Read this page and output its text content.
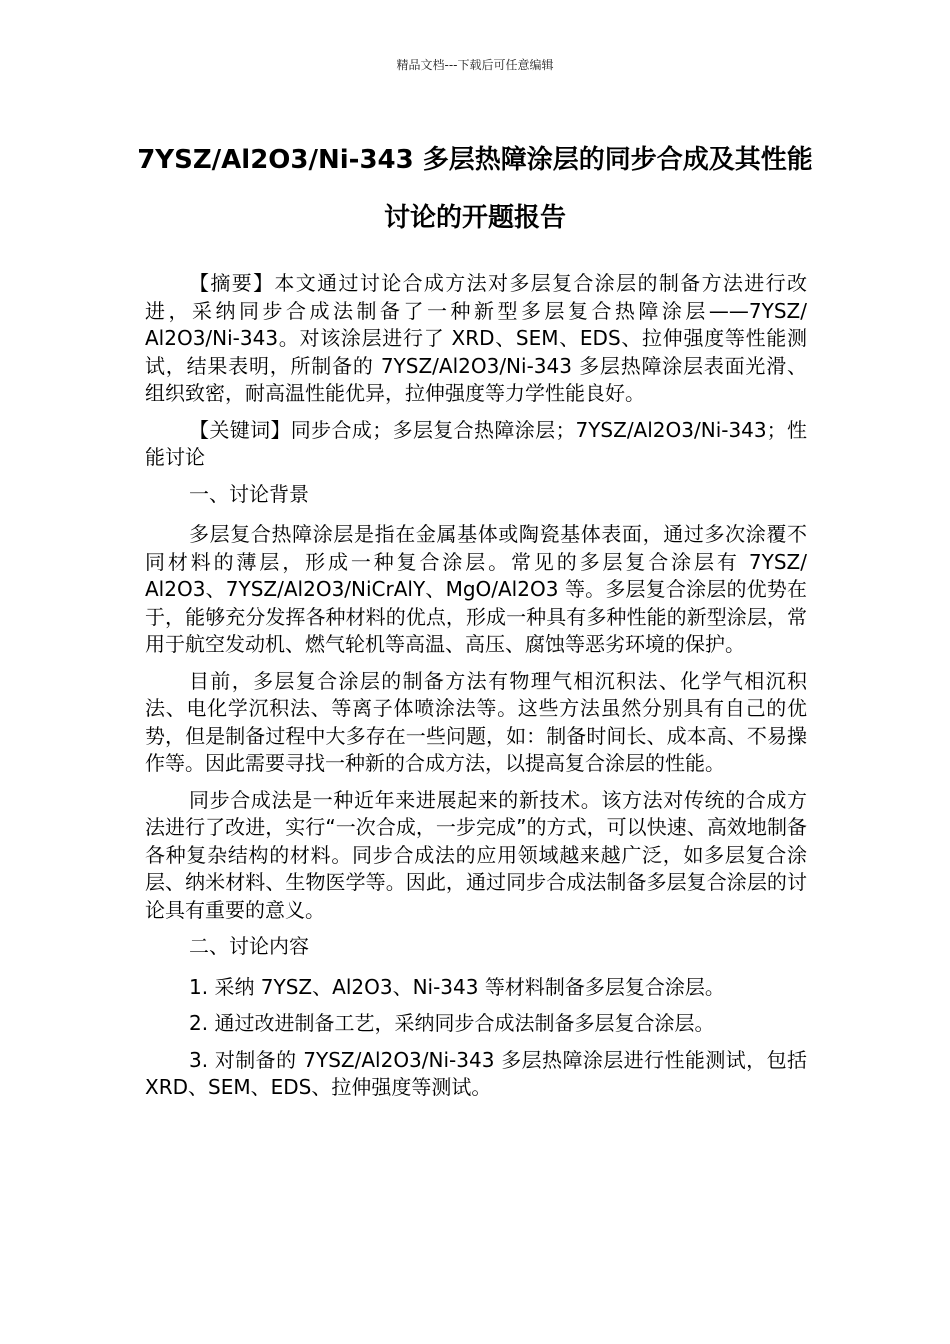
精品文档---下载后可任意编辑
7YSZ/Al2O3/Ni-343 多层热障涂层的同步合成及其性能讨论的开题报告

【摘要】本文通过讨论合成方法对多层复合涂层的制备方法进行改进，采纳同步合成法制备了一种新型多层复合热障涂层——7YSZ/ Al2O3/Ni-343。对该涂层进行了 XRD、SEM、EDS、拉伸强度等性能测试，结果表明，所制备的 7YSZ/Al2O3/Ni-343 多层热障涂层表面光滑、组织致密，耐高温性能优异，拉伸强度等力学性能良好。

【关键词】同步合成；多层复合热障涂层；7YSZ/Al2O3/Ni-343；性能讨论

一、讨论背景

多层复合热障涂层是指在金属基体或陶瓷基体表面，通过多次涂覆不同材料的薄层，形成一种复合涂层。常见的多层复合涂层有 7YSZ/ Al2O3、7YSZ/Al2O3/NiCrAlY、MgO/Al2O3 等。多层复合涂层的优势在于，能够充分发挥各种材料的优点，形成一种具有多种性能的新型涂层，常用于航空发动机、燃气轮机等高温、高压、腐蚀等恶劣环境的保护。

目前，多层复合涂层的制备方法有物理气相沉积法、化学气相沉积法、电化学沉积法、等离子体喷涂法等。这些方法虽然分别具有自己的优势，但是制备过程中大多存在一些问题，如：制备时间长、成本高、不易操作等。因此需要寻找一种新的合成方法，以提高复合涂层的性能。

同步合成法是一种近年来进展起来的新技术。该方法对传统的合成方法进行了改进，实行“一次合成，一步完成”的方式，可以快速、高效地制备各种复杂结构的材料。同步合成法的应用领域越来越广泛，如多层复合涂层、纳米材料、生物医学等。因此，通过同步合成法制备多层复合涂层的讨论具有重要的意义。

二、讨论内容

1. 采纳 7YSZ、Al2O3、Ni-343 等材料制备多层复合涂层。

2. 通过改进制备工艺，采纳同步合成法制备多层复合涂层。

3. 对制备的 7YSZ/Al2O3/Ni-343 多层热障涂层进行性能测试，包括 XRD、SEM、EDS、拉伸强度等测试。
